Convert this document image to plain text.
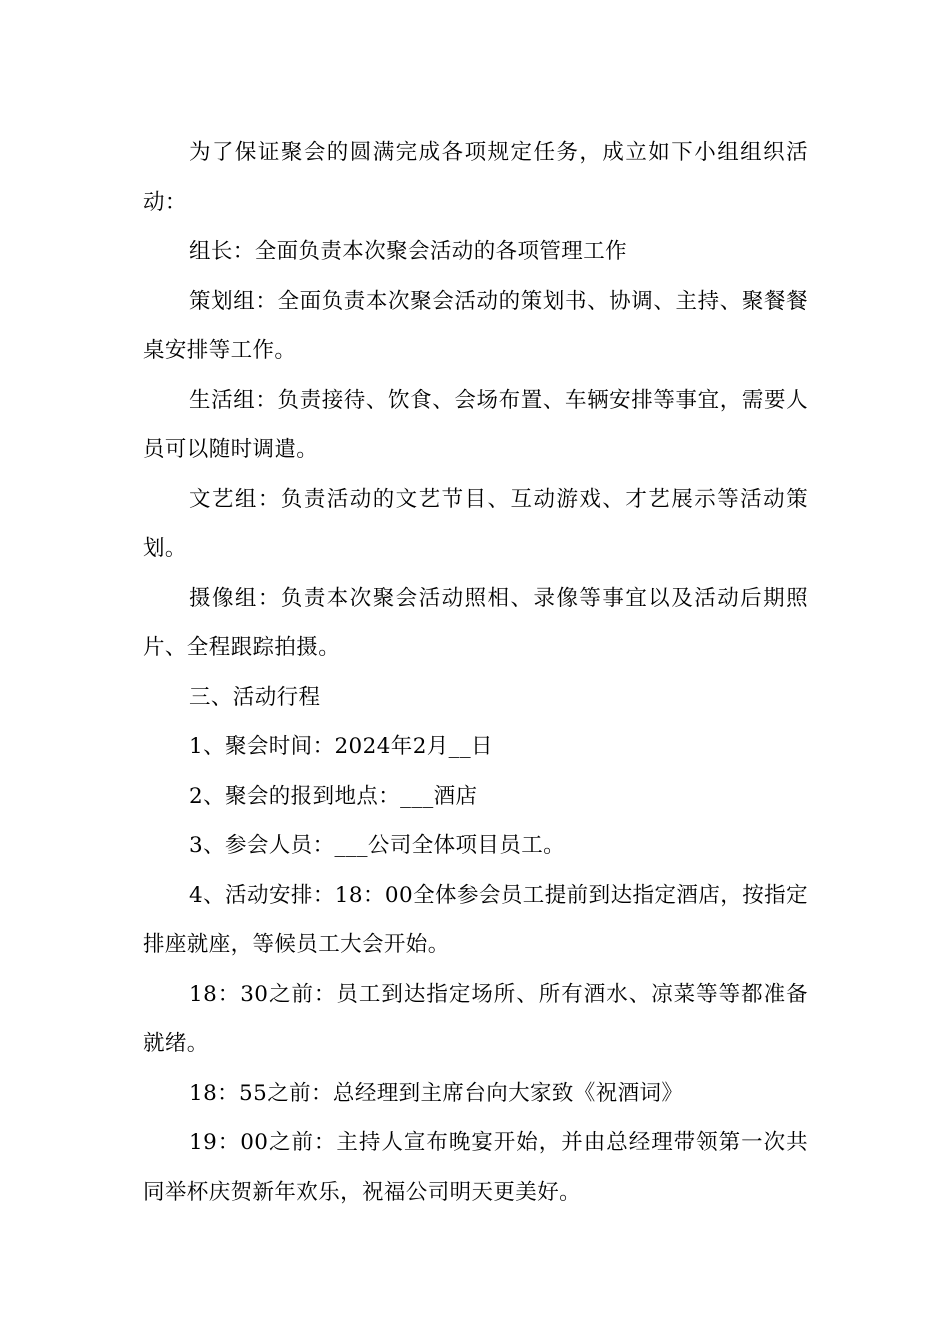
为了保证聚会的圆满完成各项规定任务，成立如下小组组织活动：

组长：全面负责本次聚会活动的各项管理工作

策划组：全面负责本次聚会活动的策划书、协调、主持、聚餐餐桌安排等工作。

生活组：负责接待、饮食、会场布置、车辆安排等事宜，需要人员可以随时调遣。

文艺组：负责活动的文艺节目、互动游戏、才艺展示等活动策划。

摄像组：负责本次聚会活动照相、录像等事宜以及活动后期照片、全程跟踪拍摄。

三、活动行程

1、聚会时间：2024年2月__日

2、聚会的报到地点：___酒店

3、参会人员：___公司全体项目员工。

4、活动安排：18：00全体参会员工提前到达指定酒店，按指定排座就座，等候员工大会开始。

18：30之前：员工到达指定场所、所有酒水、凉菜等等都准备就绪。

18：55之前：总经理到主席台向大家致《祝酒词》

19：00之前：主持人宣布晚宴开始，并由总经理带领第一次共同举杯庆贺新年欢乐，祝福公司明天更美好。
